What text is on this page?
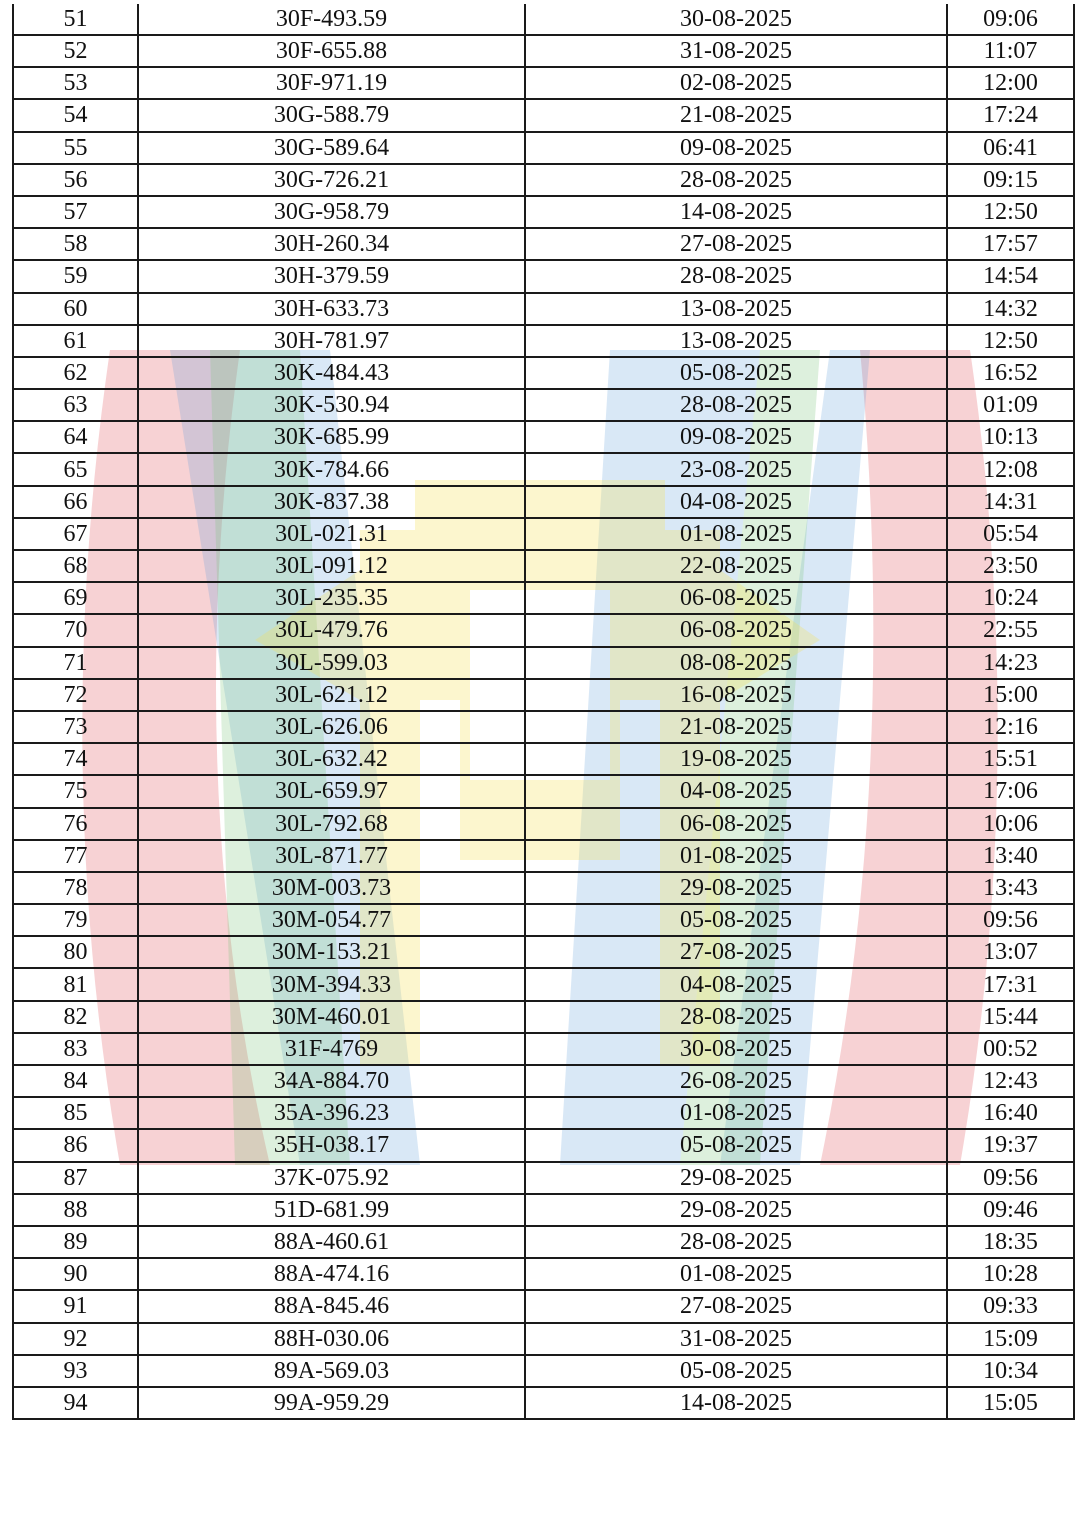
51	30F-493.59	30-08-2025	09:06
52	30F-655.88	31-08-2025	11:07
53	30F-971.19	02-08-2025	12:00
54	30G-588.79	21-08-2025	17:24
55	30G-589.64	09-08-2025	06:41
56	30G-726.21	28-08-2025	09:15
57	30G-958.79	14-08-2025	12:50
58	30H-260.34	27-08-2025	17:57
59	30H-379.59	28-08-2025	14:54
60	30H-633.73	13-08-2025	14:32
61	30H-781.97	13-08-2025	12:50
62	30K-484.43	05-08-2025	16:52
63	30K-530.94	28-08-2025	01:09
64	30K-685.99	09-08-2025	10:13
65	30K-784.66	23-08-2025	12:08
66	30K-837.38	04-08-2025	14:31
67	30L-021.31	01-08-2025	05:54
68	30L-091.12	22-08-2025	23:50
69	30L-235.35	06-08-2025	10:24
70	30L-479.76	06-08-2025	22:55
71	30L-599.03	08-08-2025	14:23
72	30L-621.12	16-08-2025	15:00
73	30L-626.06	21-08-2025	12:16
74	30L-632.42	19-08-2025	15:51
75	30L-659.97	04-08-2025	17:06
76	30L-792.68	06-08-2025	10:06
77	30L-871.77	01-08-2025	13:40
78	30M-003.73	29-08-2025	13:43
79	30M-054.77	05-08-2025	09:56
80	30M-153.21	27-08-2025	13:07
81	30M-394.33	04-08-2025	17:31
82	30M-460.01	28-08-2025	15:44
83	31F-4769	30-08-2025	00:52
84	34A-884.70	26-08-2025	12:43
85	35A-396.23	01-08-2025	16:40
86	35H-038.17	05-08-2025	19:37
87	37K-075.92	29-08-2025	09:56
88	51D-681.99	29-08-2025	09:46
89	88A-460.61	28-08-2025	18:35
90	88A-474.16	01-08-2025	10:28
91	88A-845.46	27-08-2025	09:33
92	88H-030.06	31-08-2025	15:09
93	89A-569.03	05-08-2025	10:34
94	99A-959.29	14-08-2025	15:05
